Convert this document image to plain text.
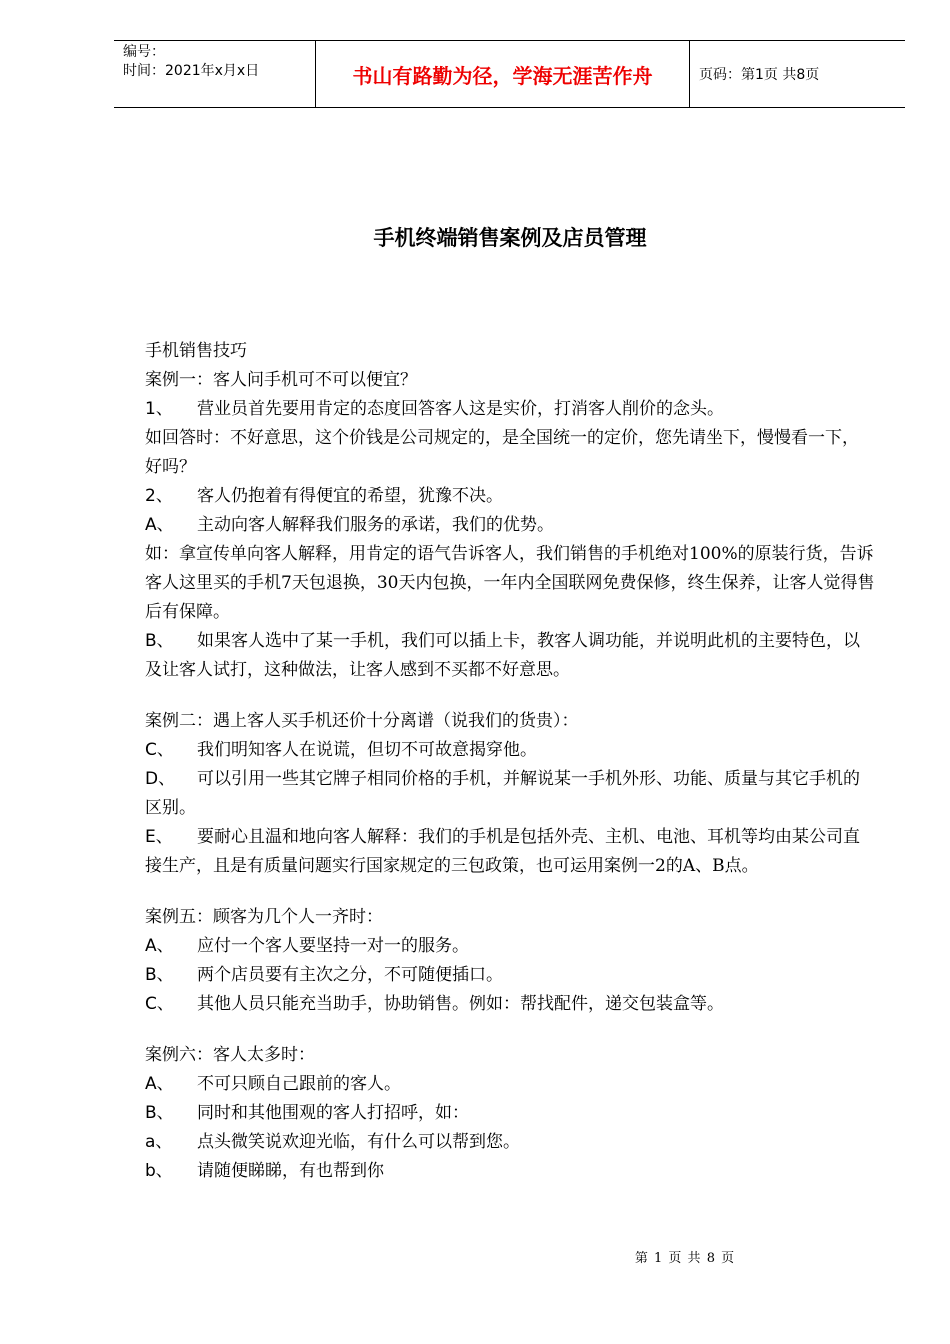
编号：
时间：2021年x月x日	书山有路勤为径，学海无涯苦作舟	页码：第1页 共8页
手机终端销售案例及店员管理

手机销售技巧

案例一：客人问手机可不可以便宜？

1、 营业员首先要用肯定的态度回答客人这是实价，打消客人削价的念头。

如回答时：不好意思，这个价钱是公司规定的，是全国统一的定价，您先请坐下，慢慢看一下，好吗？

2、 客人仍抱着有得便宜的希望，犹豫不决。

A、 主动向客人解释我们服务的承诺，我们的优势。

如：拿宣传单向客人解释，用肯定的语气告诉客人，我们销售的手机绝对100%的原装行货，告诉客人这里买的手机7天包退换，30天内包换，一年内全国联网免费保修，终生保养，让客人觉得售后有保障。

B、 如果客人选中了某一手机，我们可以插上卡，教客人调功能，并说明此机的主要特色，以及让客人试打，这种做法，让客人感到不买都不好意思。

案例二：遇上客人买手机还价十分离谱（说我们的货贵）：

C、 我们明知客人在说谎，但切不可故意揭穿他。

D、 可以引用一些其它牌子相同价格的手机，并解说某一手机外形、功能、质量与其它手机的区别。

E、 要耐心且温和地向客人解释：我们的手机是包括外壳、主机、电池、耳机等均由某公司直接生产，且是有质量问题实行国家规定的三包政策，也可运用案例一2的A、B点。

案例五：顾客为几个人一齐时：

A、 应付一个客人要坚持一对一的服务。

B、 两个店员要有主次之分，不可随便插口。

C、 其他人员只能充当助手，协助销售。例如：帮找配件，递交包装盒等。

案例六：客人太多时：

A、 不可只顾自己跟前的客人。

B、 同时和其他围观的客人打招呼，如：

a、 点头微笑说欢迎光临，有什么可以帮到您。

b、 请随便睇睇，有也帮到你

第 1 页 共 8 页
